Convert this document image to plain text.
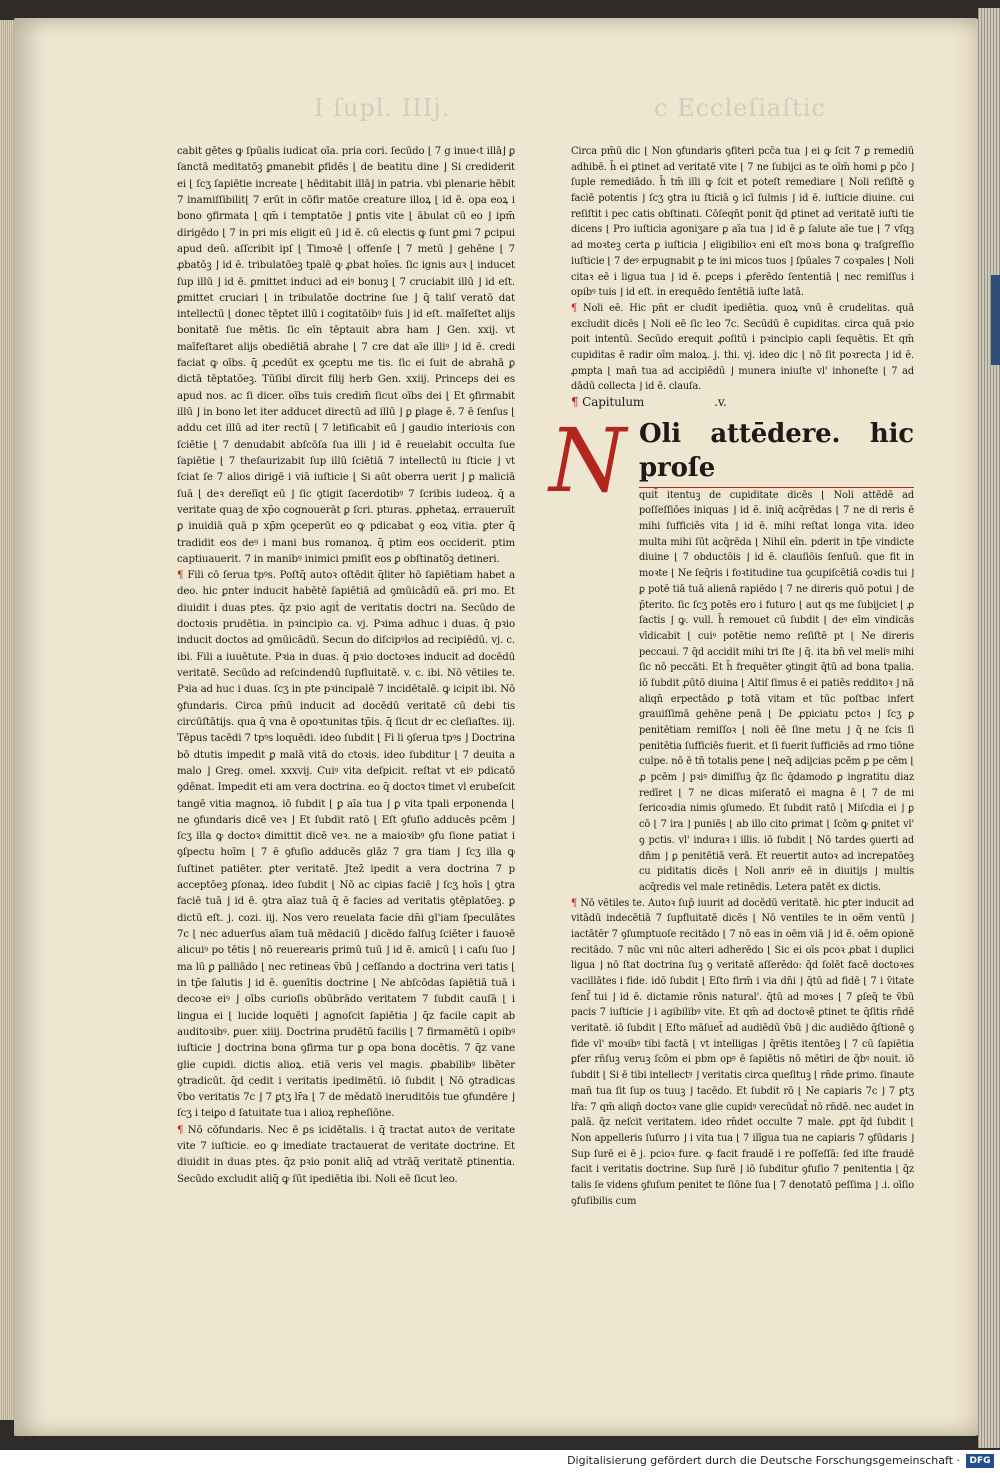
I ſupl. IIIj.	c Eccleſiaſtic

cabit gētes ꝙ ſpūalis iudicat oīa. pria cori. ſecūdo ⌊ 7 g inue‹t illā⌋ ꝑ ſanctā meditatōꝫ ꝑmanebit ꝑfidēs ⌊ de beatitu dine ⌋ Si crediderit ei ⌊ ſcʒ ſapiētie increate ⌊ hēditabit illā⌋ in patria. vbi plenarie hēbit 7 inamiſſibilit⌊ 7 erūt in cōfir matōe creature illoꝝ ⌊ id ē. opa eoꝝ i bono ꝯfirmata ⌊ qm̄ i temptatōe ⌋ ꝑntis vite ⌊ ābulat cū eo ⌋ ipm̄ dirigēdo ⌊ 7 in pri mis eligit eū ⌋ id ē. cū electis ꝙ ſunt ꝑmi 7 ꝑcipui apud deū. aſſcribit ipſ ⌊ Timoꝛē ⌊ offenſe ⌊ 7 metū ⌋ gehēne ⌊ 7 ꝓbatōꝫ ⌋ id ē. tribulatōeꝫ tpalē ꝙ ꝓbat hoīes. ſic ignis auꝛ ⌊ inducet ſup illū ⌋ id ē. ꝑmittet induci ad eiꝰ bonuꝫ ⌊ 7 cruciabit illū ⌋ id eſt. ꝑmittet cruciari ⌊ in tribulatōe doctrine ſue ⌋ q̄ taliſ veratō dat intellectū ⌊ donec tēptet illū i cogitatōibꝰ ſuis ⌋ id eſt. maīſeſtet alijs bonitatē ſue mētis. ſic eīn tēptauit abra ham ⌋ Gen. xxij. vt maīfeſtaret alijs obediētiā abrahe ⌊ 7 cre dat aīe illiꝰ ⌋ id ē. credi faciat ꝙ oībs. q̄ ꝓcedūt ex ꝯceptu me tis. ſic ei ſuit de abrahā ꝑ dictā tēptatōeꝫ. Tūſibi dīrcit filij herb Gen. xxiij. Princeps dei es apud nos. ac ſi dicer. oībs tuis credim̄ ſicut oībs dei ⌊ Et ꝯfirmabit illū ⌋ in bono let iter adducet directū ad illū ⌋ ꝑ ꝑlage ē. 7 ē ſenſus ⌊ addu cet illū ad iter rectū ⌊ 7 letificabit eū ⌋ gaudio interioꝛis con ſciētie ⌊ 7 denudabit abſcōſa ſua illi ⌋ id ē reuelabit occulta ſue ſapiētie ⌊ 7 theſaurizabit ſup illū ſciētiā 7 intellectū iu ſticie ⌋ vt ſciat ſe 7 alios dirigē i viā iuſticie ⌊ Si aūt oberra uerit ⌋ ꝑ maliciā ſuā ⌊ deꝛ derelīqt eū ⌋ ſic ꝯtigit ſacerdotibꝰ 7 ſcribis iudeoꝝ. q̄ a veritate quaꝫ de xp̄o cognouerāt ꝑ ſcri. pturas. ꝓphetaꝝ. erraueruīt ꝑ inuidiā quā p xp̄m ꝯceperūt eo ꝙ pdicabat ꝯ eoꝝ vitia. ꝑter q̄ tradidit eos deꝰ i mani bus romanoꝝ. q̄ ptim eos occiderit. ptim captiuauerit. 7 in manibꝰ inimici pmiſit eos ꝑ obſtinatōꝫ detineri.

¶ Fili cō ſerua tpꝰs. Poſtq̄ autoꝛ oſtēdit q̄liter hō ſapiētiam habet a deo. hic ꝑnter inducit habētē ſapiētiā ad ꝯmūicādū eā. ꝑri mo. Et diuidit i duas ptes. q̄z pꝛio agiṫ de veritatis doctri na. Secūdo de doctoꝛis prudētia. in pꝛincipio ca. vj. Pꝛima adhuc i duas. q̄ pꝛio inducit doctos ad ꝯmūicādū. Secun do diſcipꝰlos ad recipiēdū. vj. c. ibi. Fili a iuuētute. Pꝛia in duas. q̄ pꝛio doctoꝛes inducit ad docēdū veritatē. Secūdo ad reſcindendū ſupfluitatē. v. c. ibi. Nō vētiles te. Pꝛia ad huc i duas. ſcʒ in pte pꝛincipalē 7 incidētalē. ꝙ icipit ibi. Nō ꝯfundaris. Circa pm̄ū inducit ad docēdū veritatē cū debi tis circūſtātijs. qua q̄ vna ē opoꝛtunitas tp̄is. q̄ ſicut dr ec cleſiaſtes. iij. Tēpus tacēdi 7 tpꝰs loquēdi. ideo ſubdit ⌊ Fi li ꝯſerua tpꝰs ⌋ Doctrina bō dtutis impedit ꝑ malā vitā do ctoꝛis. ideo ſubditur ⌊ 7 deuita a malo ⌋ Greg. omel. xxxvij. Cuiꝰ vita deſpicit. reſtat vt eiꝰ pdicatō ꝯdēnat. Impedit eti am vera doctrina. eo q̄ doctoꝛ timet vl erubeſcit tangē vitia magnoꝝ. iō ſubdit ⌊ ꝑ aīa tua ⌋ ꝑ vita tpali erponenda ⌊ ne ꝯfundaris dicē veꝛ ⌋ Et ſubdit ratō ⌊ Eſt ꝯfuſio adducēs pcēm ⌋ ſcʒ illa ꝙ doctoꝛ dimittit dicē veꝛ. ne a maioꝛibꝰ ꝯfu ſione patiat i ꝯſpectu hoīm ⌊ 7 ē ꝯfuſio adducēs glāz 7 gra tiam ⌋ ſcʒ illa ꝙ ſuſtinet patiēter. ꝑter veritatē. Jtez̄ ipedit a vera doctrina 7 p acceptōeꝫ ꝑſonaꝝ. ideo ſubdit ⌊ Nō ac cipias faciē ⌋ ſcʒ hoīs ⌊ ꝯtra faciē tuā ⌋ id ē. ꝯtra aīaz tuā q̄ ē facies ad veritatis ꝯtēplatōeꝫ. ꝑ dictū eſt. j. cozi. iij. Nos vero reuelata facie dn̄i gl'iam ſpeculātes 7c ⌊ nec aduerſus aīam tuā mēdaciū ⌋ dicēdo falſuꝫ ſciēter i fauoꝛē alicuiꝰ po tētis ⌊ nō reuerearis ꝑrimū tuū ⌋ id ē. amicū ⌊ i caſu ſuo ⌋ ma lū ꝑ palliādo ⌊ nec retineas v̄bū ⌋ ceſſando a doctrina veri tatis ⌊ in tp̄e ſalutis ⌋ id ē. ꝯuenītis doctrine ⌊ Ne abſcōdas ſapiētiā tuā i decoꝛe eiꝰ ⌋ oībs curioſis obūbrādo veritatem 7 ſubdit cauſā ⌊ i lingua ei ⌊ lucide loquēti ⌋ agnoſcit ſapiētia ⌋ q̄z facile capit ab auditoꝛibꝰ. ꝑuer. xiiij. Doctrina prudētū facilis ⌊ 7 firmamētū i opibꝰ iuſticie ⌋ doctrina bona ꝯfirma tur ꝑ opa bona docētis. 7 q̄z vane glie cupidi. dictis alioꝝ. etiā veris vel magis. ꝓbabilibꝰ libēter ꝯtradicūt. q̄d cedit i veritatis ipedimētū. iō ſubdit ⌊ Nō ꝯtradicas v̄bo veritatis 7c ⌋ 7 ꝑtʒ lr̄a ⌊ 7 de mēdatō ineruditōis tue ꝯfundēre ⌋ ſcʒ i teiꝑo d ſatuitate tua i alioꝝ repheſiōne.

¶ Nō cōfundaris. Nec ē ꝑs icidētalis. i q̄ tractat autoꝛ de veritate vite 7 iuſticie. eo ꝙ imediate tractauerat de veritate doctrine. Et diuidit in duas ptes. q̄z pꝛio ponit aliq̄ ad vtrāq̄ veritatē ꝑtinentia. Secūdo excludit aliq̄ ꝙ ſūt ipediētia ibi. Noli eē ſicut leo.

Circa pm̄ū dic ⌊ Non ꝯfundaris ꝯfiteri pcc̄a tua ⌋ ei ꝙ ſcit 7 ꝑ remediū adhibē. h̄ ei ꝑtinet ad veritatē vite ⌊ 7 ne ſubijci as te oīm̄ homi ꝑ pc̄o ⌋ ſuple remediādo. h̄ tm̄ illi ꝙ ſcit et poteſt remediare ⌊ Noli reſiſtē ꝯ faciē potentis ⌋ ſcʒ ꝯtra iu ſticiā ꝯ icī ſulmis ⌋ id ē. iuſticie diuine. cui reſiſtit i pec catis obſtinati. Cōſeqn̄t ponit q̄d ꝑtinet ad veritatē iuſti tie dicens ⌊ Pro iuſticia agoniʒare ꝑ aīa tua ⌋ id ē ꝑ ſalute aīe tue ⌊ 7 vſqꝫ ad moꝛteꝫ certa ꝑ iuſticia ⌋ eligibilioꝛ eni eſt moꝛs bona ꝙ traſgreſſio iuſticie ⌊ 7 deꝰ erpugnabit ꝑ te ini micos tuos ⌋ ſpūales 7 coꝛpales ⌊ Noli citaꝛ eē i ligua tua ⌋ id ē. ꝑceps i ꝓferēdo ſententiā ⌊ nec remiſſus i opibꝰ tuis ⌋ id eſt. in erequēdo ſentētiā iuſte latā.

¶ Noli eē. Hic pn̄t er cludit ipediētia. quoꝝ vnū ē crudelitas. quā excludit dicēs ⌊ Noli eē ſic leo 7c. Secūdū ē cupiditas. circa quā pꝛio poit intentū. Secūdo erequit ꝓoſitū i pꝛincipio capli ſequētis. Et qm̄ cupiditas ē radir oīm maloꝝ. j. thi. vj. ideo dic ⌊ nō ſit poꝛrecta ⌋ id ē. ꝓmpta ⌊ man̄ tua ad accipiēdū ⌋ munera iniuſte vl' inhoneſte ⌊ 7 ad dādū collecta ⌋ id ē. clauſa.

¶ Capitulum	.v.

N Oli attēdere. hic proſe
quit̄ itentuꝫ de cupiditate dicēs ⌊ Noli attēdē ad poſſeſſiōes iniquas ⌋ id ē. iniq̄ acq̄rēdas ⌊ 7 ne di reris ē mihi ſufficiēs vita ⌋ id ē. mihi reſtat longa vita. ideo multa mihi ſūt acq̄rēda ⌊ Nihil eīn. pderit in tp̄e vindicte diuine ⌊ 7 obductōis ⌋ id ē. clauſiōis ſenſuū. que fit in moꝛte ⌊ Ne ſeq̄ris i foꝛtitudine tua ꝯcupiſcētiā coꝛdis tui ⌋ ꝑ potē tiā tuā alienā rapiēdo ⌊ 7 ne direris quō potui ⌋ de p̄terito. ſic ſcʒ potēs ero i futuro ⌊ aut qs me ſubijciet ⌊ ꝓ ſactis ⌋ ꝙ. vull. h̄ remouet cū ſubdit ⌊ deꝰ eīm vindicās vīdicabit ⌊ cuiꝰ potētie nemo reſiſtē pt ⌊ Ne direris peccaui. 7 q̄d accidit mihi tri ſte ⌋ q̄. ita bn̄ vel meliꝰ mihi ſic nō peccāti. Et h̄ frequēter ꝯtingit q̄tū ad bona tpalia. iō ſubdit ꝓūtō diuina ⌊ Altiſ ſimus ē ei patiēs redditoꝛ ⌋ nā aliqn̄ erpectādo ꝑ totā vitam et tūc poſtbac infert grauiſſimā gehēne penā ⌊ De ꝓpiciatu pctoꝛ ⌋ ſcʒ ꝑ penitētiam remiſſoꝛ ⌊ noli ēē ſine metu ⌋ q̄ ne ſcis ſi penitētia ſufficiēs fuerit. et ſi fuerit ſufficiēs ad rmo tiōne culpe. nō ē tn̄ totalis pene ⌊ neq̄ adijcias pcēm ꝑ pe cēm ⌊ ꝓ pcēm ⌋ pꝛiꝰ dimiſſuꝫ q̄z ſic q̄damodo ꝑ ingratitu diaz redīret ⌊ 7 ne dicas miſeratō ei magna ē ⌊ 7 de mi ſericoꝛdia nimis ꝯſumedo. Et ſubdit ratō ⌊ Miſcdia ei ⌋ ꝑ cō ⌊ 7 ira ⌋ puniēs ⌊ ab illo cito ꝑrimat ⌊ ſcōm ꝙ ꝑnitet vl' ꝯ pctis. vl' induraꝛ i illis. iō ſubdit ⌊ Nō tardes ꝯuerti ad dn̄m ⌋ ꝑ penitētiā verā. Et reuertit autoꝛ ad increpatōeꝫ cu piditatis dicēs ⌊ Noli anriꝰ eē in diuitijs ⌋ multis acq̄redis vel male retinēdis. Letera patēt ex dictis.

¶ Nō vētiles te. Autoꝛ ſup̄ iuurit ad docēdū veritatē. hic ꝑter inducit ad vitādū indecētiā 7 ſupfluitatē dicēs ⌊ Nō ventiles te in oēm ventū ⌋ iactātēr 7 ꝯſumptuoſe recitādo ⌊ 7 nō eas in oēm viā ⌋ id ē. oēm opionē recitādo. 7 nūc vni nūc alteri adherēdo ⌊ Sic ei oīs pcoꝛ ꝓbat i duplici ligua ⌋ nō ſtat doctrina ſuꝫ ꝯ veritatē aſſerēdo: q̄d ſolēt facē doctoꝛes vacillātes i fide. idō ſubdit ⌊ Eſto firm̄ i via dn̄i ⌋ q̄tū ad fidē ⌊ 7 i v̄itate ſenſ̄ tui ⌋ id ē. dictamie rōnis natural'. q̄tū ad moꝛes ⌊ 7 ꝑſeq̄ te v̄bū pacis 7 iuſticie ⌋ i agibilibꝰ vite. Et qm̄ ad doctoꝛē ꝑtinet te q̄ſitis rn̄dē veritatē. iō ſubdit ⌊ Eſto māſuet̄ ad audiēdū v̄bū ⌋ dic audiēdo q̄ſtionē ꝯ fide vl' moꝛibꝰ tibi factā ⌊ vt intelligas ⌋ q̄rētis itentōeꝫ ⌊ 7 cū ſapiētia ꝑfer rn̄ſuꝫ veruꝫ ſcōm ei pbm opꝰ ē ſapiētis nō mētiri de q̄bꝰ nouit. iō ſubdit ⌊ Si ē tibi intellectꝰ ⌋ veritatis circa queſituꝫ ⌊ rn̄de ꝑrimo. ſinaute man̄ tua ſit ſup os tuuꝫ ⌋ tacēdo. Et ſubdit rō ⌊ Ne capiaris 7c ⌋ 7 ꝑtʒ lr̄a: 7 qm̄ aliqn̄ doctoꝛ vane glie cupidꝰ verecūdat̄ nō rn̄dē. nec audet in palā. q̄z neſcit veritatem. ideo rn̄det occulte 7 male. ꝓpt q̄d ſubdit ⌊ Non appelleris ſuſurro ⌋ i vita tua ⌊ 7 ilīgua tua ne capiaris 7 ꝯfūdaris ⌋ Sup ſurē ei ē j. pcioꝛ fure. ꝙ facit fraudē i re poſſeſſā: ſed iſte fraudē facit i veritatis doctrine. Sup ſurē ⌋ iō ſubditur ꝯfuſio 7 penitentia ⌊ q̄z talis ſe videns ꝯfuſum penitet te ſiōne ſua ⌊ 7 denotatō peſſima ⌋ .i. oīſio ꝯfuſibilis cum

Digitalisierung gefördert durch die Deutsche Forschungsgemeinschaft ·	DFG
